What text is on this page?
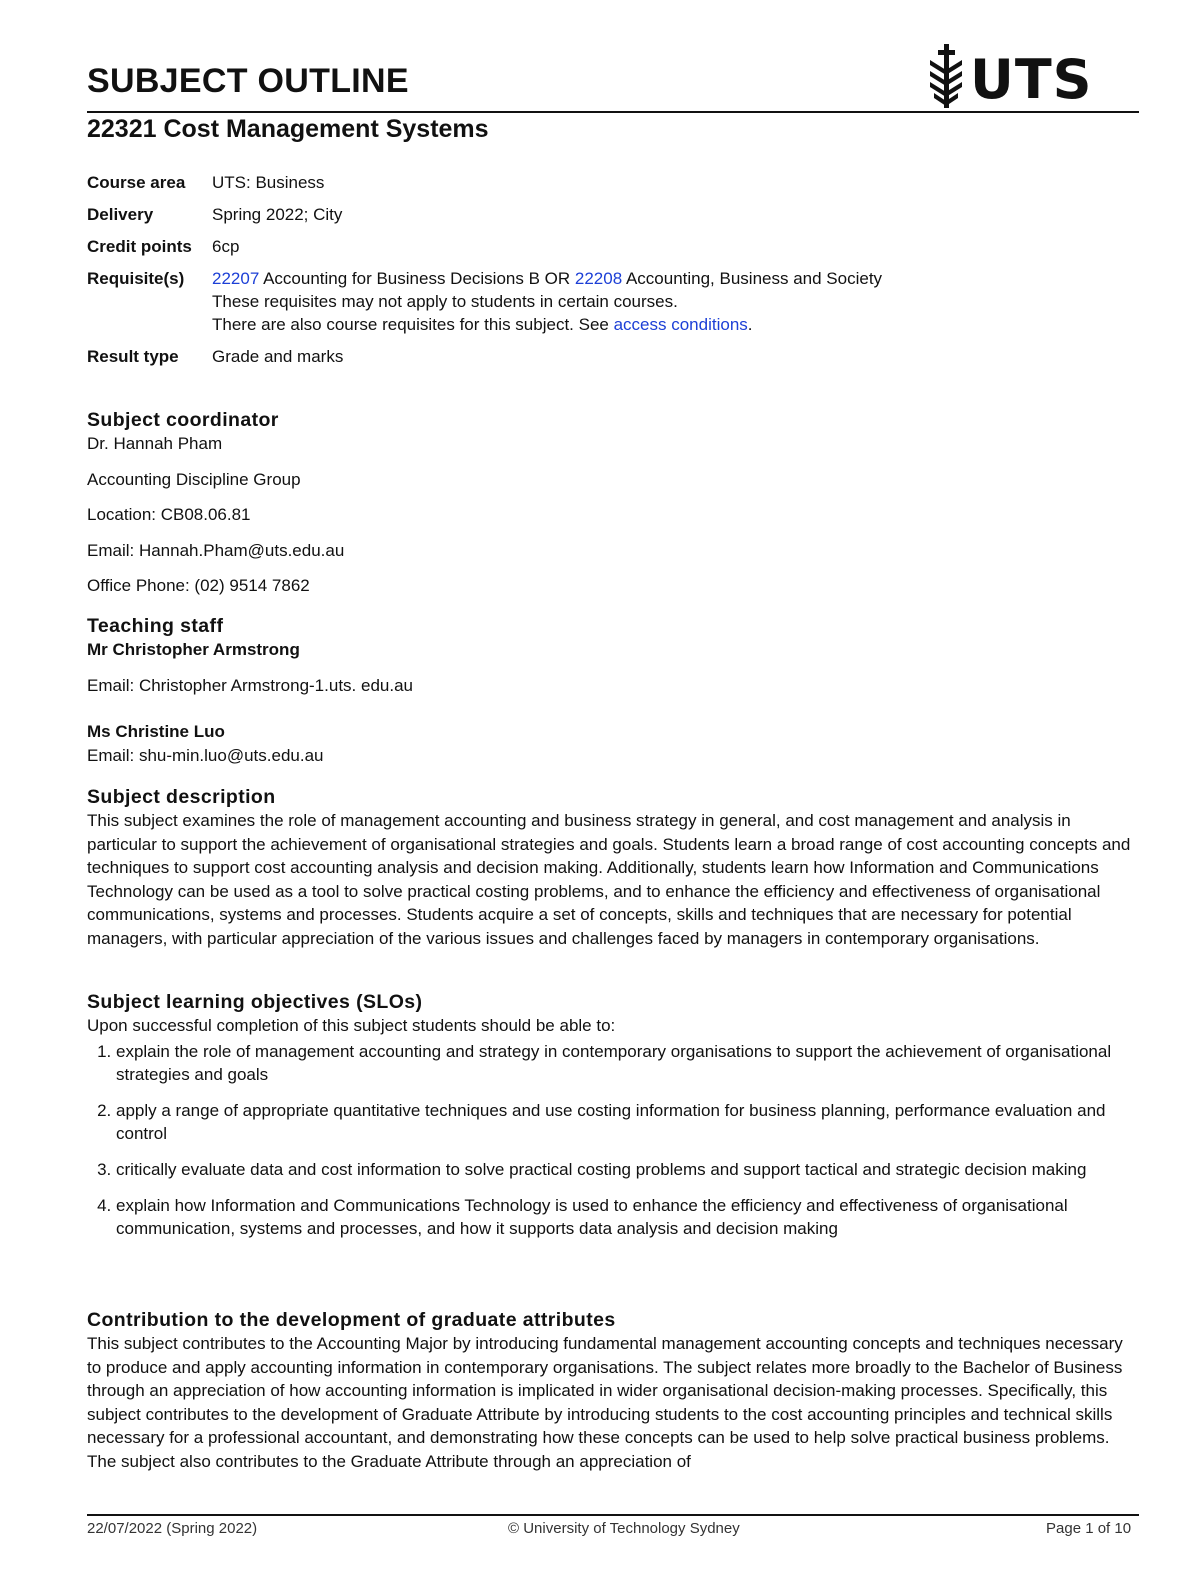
SUBJECT OUTLINE	UTS
22321 Cost Management Systems
Course area	UTS: Business
Delivery	Spring 2022; City
Credit points	6cp
Requisite(s)	22207 Accounting for Business Decisions B OR 22208 Accounting, Business and Society
These requisites may not apply to students in certain courses.
There are also course requisites for this subject. See access conditions.
Result type	Grade and marks
Subject coordinator

Dr. Hannah Pham

Accounting Discipline Group

Location: CB08.06.81

Email: Hannah.Pham@uts.edu.au

Office Phone: (02) 9514 7862

Teaching staff

Mr Christopher Armstrong

Email: Christopher Armstrong-1.uts. edu.au

Ms Christine Luo

Email: shu-min.luo@uts.edu.au

Subject description

This subject examines the role of management accounting and business strategy in general, and cost management and analysis in particular to support the achievement of organisational strategies and goals. Students learn a broad range of cost accounting concepts and techniques to support cost accounting analysis and decision making. Additionally, students learn how Information and Communications Technology can be used as a tool to solve practical costing problems, and to enhance the efficiency and effectiveness of organisational communications, systems and processes. Students acquire a set of concepts, skills and techniques that are necessary for potential managers, with particular appreciation of the various issues and challenges faced by managers in contemporary organisations.

Subject learning objectives (SLOs)

Upon successful completion of this subject students should be able to:

1. explain the role of management accounting and strategy in contemporary organisations to support the achievement of organisational strategies and goals
2. apply a range of appropriate quantitative techniques and use costing information for business planning, performance evaluation and control
3. critically evaluate data and cost information to solve practical costing problems and support tactical and strategic decision making
4. explain how Information and Communications Technology is used to enhance the efficiency and effectiveness of organisational communication, systems and processes, and how it supports data analysis and decision making
Contribution to the development of graduate attributes

This subject contributes to the Accounting Major by introducing fundamental management accounting concepts and techniques necessary to produce and apply accounting information in contemporary organisations. The subject relates more broadly to the Bachelor of Business through an appreciation of how accounting information is implicated in wider organisational decision-making processes. Specifically, this subject contributes to the development of Graduate Attribute by introducing students to the cost accounting principles and technical skills necessary for a professional accountant, and demonstrating how these concepts can be used to help solve practical business problems. The subject also contributes to the Graduate Attribute through an appreciation of

22/07/2022 (Spring 2022)	© University of Technology Sydney	Page 1 of 10
